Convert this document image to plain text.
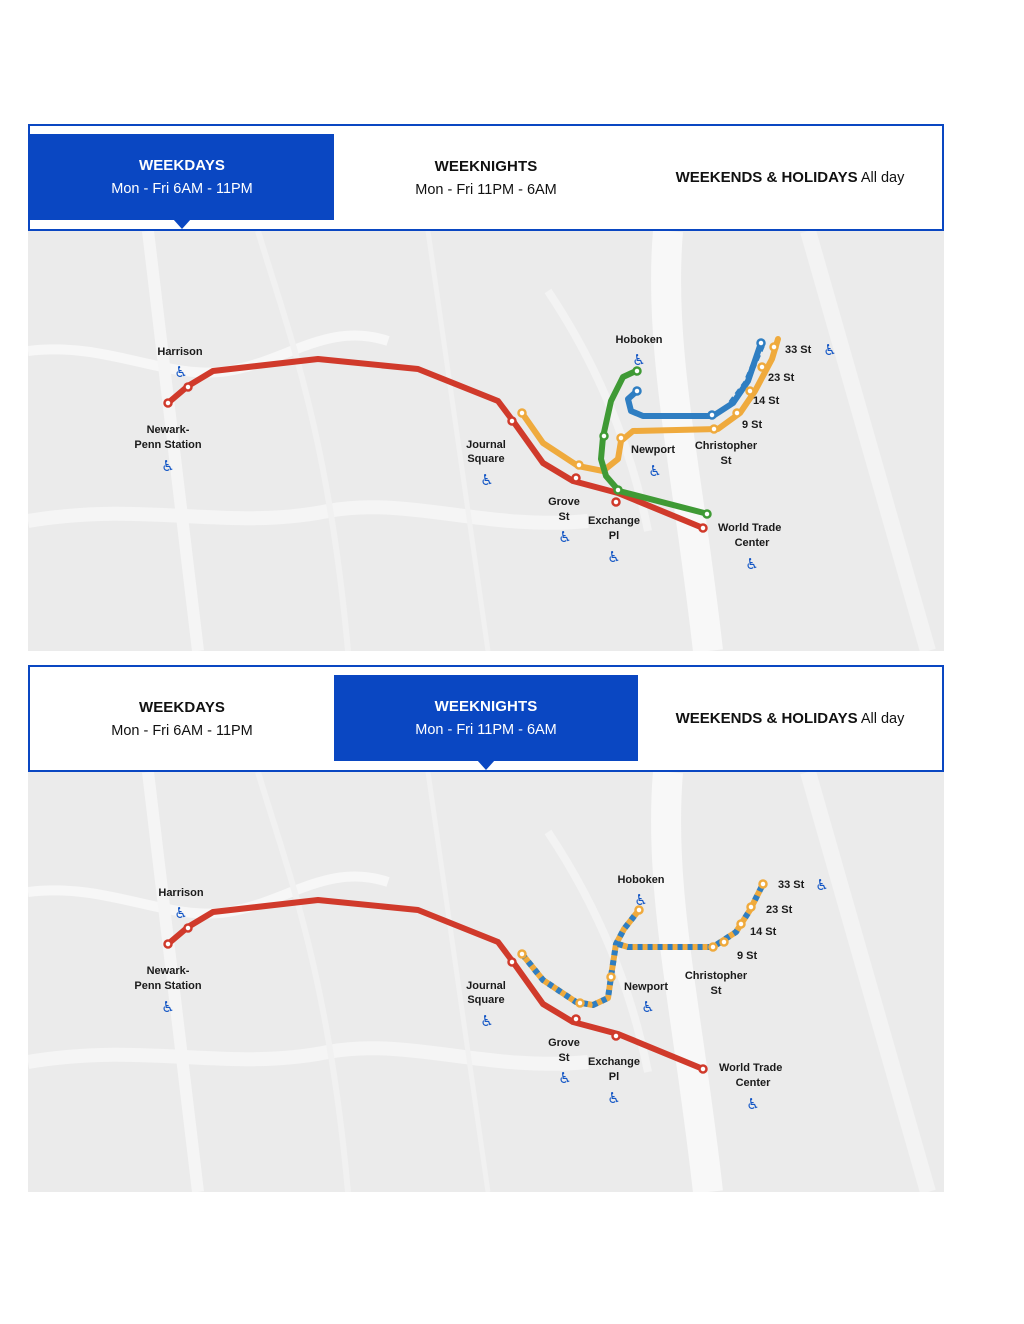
WEEKDAYS
Mon - Fri 6AM - 11PM
WEEKNIGHTS
Mon - Fri 11PM - 6AM
WEEKENDS & HOLIDAYS All day
Harrison
♿
Newark-
Penn Station
♿
Journal
Square
♿
Grove
St
♿
Exchange
Pl
♿
Newport
♿
Hoboken
♿
World Trade
Center
♿
Christopher
St
9 St
14 St
23 St
33 St ♿
WEEKDAYS
Mon - Fri 6AM - 11PM
WEEKNIGHTS
Mon - Fri 11PM - 6AM
WEEKENDS & HOLIDAYS All day
Harrison
♿
Newark-
Penn Station
♿
Journal
Square
♿
Grove
St
♿
Exchange
Pl
♿
Newport
♿
Hoboken
♿
World Trade
Center
♿
Christopher
St
9 St
14 St
23 St
33 St ♿
